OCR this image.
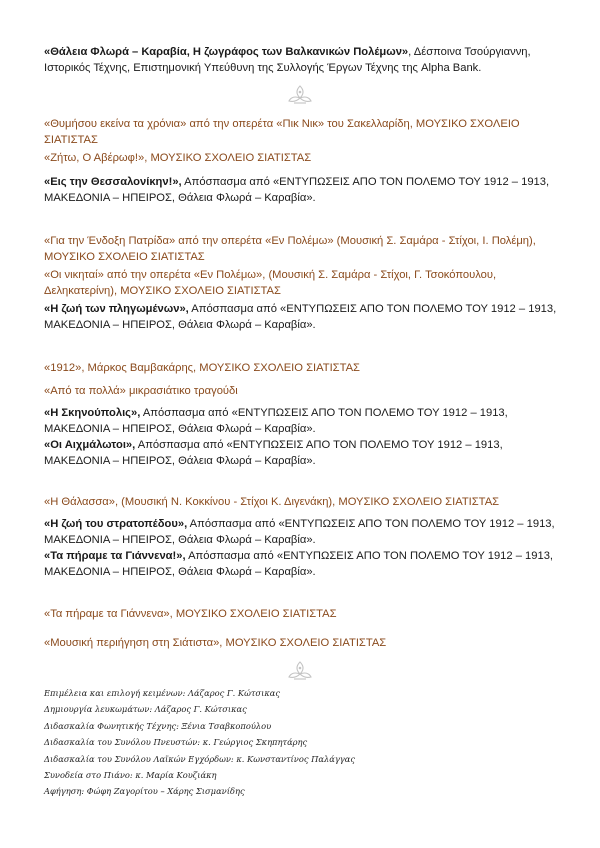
«Θάλεια Φλωρά – Καραβία, Η ζωγράφος των Βαλκανικών Πολέμων», Δέσποινα Τσούργιαννη, Ιστορικός Τέχνης, Επιστημονική Υπεύθυνη της Συλλογής Έργων Τέχνης της Alpha Bank.
«Θυμήσου εκείνα τα χρόνια» από την οπερέτα «Πικ Νικ» του Σακελλαρίδη, ΜΟΥΣΙΚΟ ΣΧΟΛΕΙΟ ΣΙΑΤΙΣΤΑΣ
«Ζήτω, Ο Αβέρωφ!», ΜΟΥΣΙΚΟ ΣΧΟΛΕΙΟ ΣΙΑΤΙΣΤΑΣ
«Εις την Θεσσαλονίκην!», Απόσπασμα από «ΕΝΤΥΠΩΣΕΙΣ ΑΠΟ ΤΟΝ ΠΟΛΕΜΟ ΤΟΥ 1912 – 1913, ΜΑΚΕΔΟΝΙΑ – ΗΠΕΙΡΟΣ, Θάλεια Φλωρά – Καραβία».
«Για την Ένδοξη Πατρίδα» από την οπερέτα «Εν Πολέμω» (Μουσική Σ. Σαμάρα - Στίχοι, Ι. Πολέμη), ΜΟΥΣΙΚΟ ΣΧΟΛΕΙΟ ΣΙΑΤΙΣΤΑΣ
«Οι νικηταί» από την οπερέτα «Εν Πολέμω», (Μουσική Σ. Σαμάρα - Στίχοι, Γ. Τσοκόπουλου, Δεληκατερίνη), ΜΟΥΣΙΚΟ ΣΧΟΛΕΙΟ ΣΙΑΤΙΣΤΑΣ
«Η ζωή των πληγωμένων», Απόσπασμα από «ΕΝΤΥΠΩΣΕΙΣ ΑΠΟ ΤΟΝ ΠΟΛΕΜΟ ΤΟΥ 1912 – 1913, ΜΑΚΕΔΟΝΙΑ – ΗΠΕΙΡΟΣ, Θάλεια Φλωρά – Καραβία».
«1912», Μάρκος Βαμβακάρης, ΜΟΥΣΙΚΟ ΣΧΟΛΕΙΟ ΣΙΑΤΙΣΤΑΣ
«Από τα πολλά» μικρασιάτικο τραγούδι
«Η Σκηνούπολις», Απόσπασμα από «ΕΝΤΥΠΩΣΕΙΣ ΑΠΟ ΤΟΝ ΠΟΛΕΜΟ ΤΟΥ 1912 – 1913, ΜΑΚΕΔΟΝΙΑ – ΗΠΕΙΡΟΣ, Θάλεια Φλωρά – Καραβία».
«Οι Αιχμάλωτοι», Απόσπασμα από «ΕΝΤΥΠΩΣΕΙΣ ΑΠΟ ΤΟΝ ΠΟΛΕΜΟ ΤΟΥ 1912 – 1913, ΜΑΚΕΔΟΝΙΑ – ΗΠΕΙΡΟΣ, Θάλεια Φλωρά – Καραβία».
«Η Θάλασσα», (Μουσική Ν. Κοκκίνου - Στίχοι Κ. Διγενάκη), ΜΟΥΣΙΚΟ ΣΧΟΛΕΙΟ ΣΙΑΤΙΣΤΑΣ
«Η ζωή του στρατοπέδου», Απόσπασμα από «ΕΝΤΥΠΩΣΕΙΣ ΑΠΟ ΤΟΝ ΠΟΛΕΜΟ ΤΟΥ 1912 – 1913, ΜΑΚΕΔΟΝΙΑ – ΗΠΕΙΡΟΣ, Θάλεια Φλωρά – Καραβία».
«Τα πήραμε τα Γιάννενα!», Απόσπασμα από «ΕΝΤΥΠΩΣΕΙΣ ΑΠΟ ΤΟΝ ΠΟΛΕΜΟ ΤΟΥ 1912 – 1913, ΜΑΚΕΔΟΝΙΑ – ΗΠΕΙΡΟΣ, Θάλεια Φλωρά – Καραβία».
«Τα πήραμε τα Γιάννενα», ΜΟΥΣΙΚΟ ΣΧΟΛΕΙΟ ΣΙΑΤΙΣΤΑΣ
«Μουσική περιήγηση στη Σιάτιστα», ΜΟΥΣΙΚΟ ΣΧΟΛΕΙΟ ΣΙΑΤΙΣΤΑΣ
Επιμέλεια και επιλογή κειμένων: Λάζαρος Γ. Κώτσικας
Δημιουργία λευκωμάτων: Λάζαρος Γ. Κώτσικας
Διδασκαλία Φωνητικής Τέχνης: Ξένια Τσαβκοπούλου
Διδασκαλία του Συνόλου Πνευστών: κ. Γεώργιος Σκηπητάρης
Διδασκαλία του Συνόλου Λαϊκών Εγχόρδων: κ. Κωνσταντίνος Παλάγγας
Συνοδεία στο Πιάνο: κ. Μαρία Κουζιάκη
Αφήγηση: Φώφη Ζαγορίτου – Χάρης Σισμανίδης
